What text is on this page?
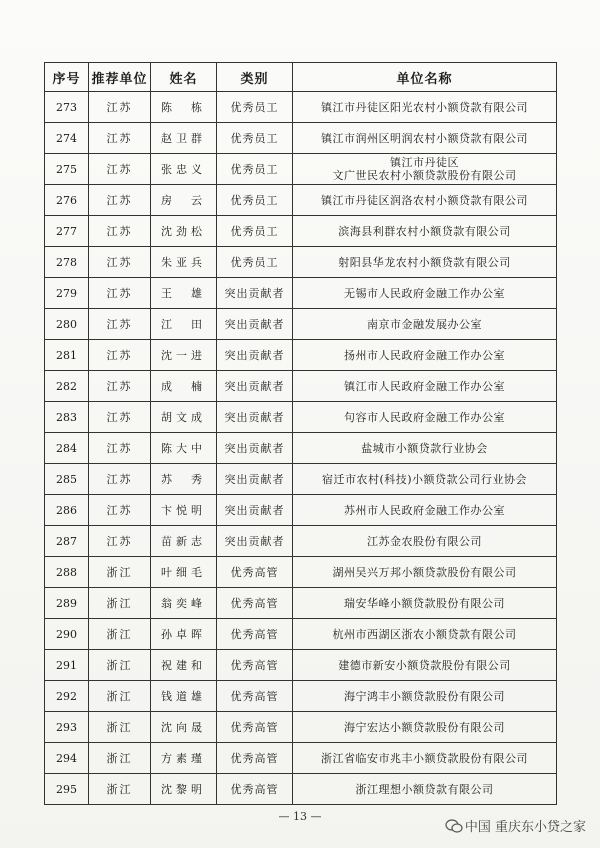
序号	推荐单位	姓名	类别	单位名称
273	江苏	陈　栋	优秀员工	镇江市丹徒区阳光农村小额贷款有限公司
274	江苏	赵卫群	优秀员工	镇江市润州区明润农村小额贷款有限公司
275	江苏	张忠义	优秀员工	镇江市丹徒区
文广世民农村小额贷款股份有限公司
276	江苏	房　云	优秀员工	镇江市丹徒区润洛农村小额贷款有限公司
277	江苏	沈劲松	优秀员工	滨海县利群农村小额贷款有限公司
278	江苏	朱亚兵	优秀员工	射阳县华龙农村小额贷款有限公司
279	江苏	王　雄	突出贡献者	无锡市人民政府金融工作办公室
280	江苏	江　田	突出贡献者	南京市金融发展办公室
281	江苏	沈一进	突出贡献者	扬州市人民政府金融工作办公室
282	江苏	成　楠	突出贡献者	镇江市人民政府金融工作办公室
283	江苏	胡文成	突出贡献者	句容市人民政府金融工作办公室
284	江苏	陈大中	突出贡献者	盐城市小额贷款行业协会
285	江苏	苏　秀	突出贡献者	宿迁市农村(科技)小额贷款公司行业协会
286	江苏	卞悦明	突出贡献者	苏州市人民政府金融工作办公室
287	江苏	苗新志	突出贡献者	江苏金农股份有限公司
288	浙江	叶细毛	优秀高管	湖州吴兴万邦小额贷款股份有限公司
289	浙江	翁奕峰	优秀高管	瑞安华峰小额贷款股份有限公司
290	浙江	孙卓晖	优秀高管	杭州市西湖区浙农小额贷款有限公司
291	浙江	祝建和	优秀高管	建德市新安小额贷款股份有限公司
292	浙江	钱道雄	优秀高管	海宁鸿丰小额贷款股份有限公司
293	浙江	沈向晟	优秀高管	海宁宏达小额贷款股份有限公司
294	浙江	方素瑾	优秀高管	浙江省临安市兆丰小额贷款股份有限公司
295	浙江	沈黎明	优秀高管	浙江理想小额贷款有限公司
— 13 —
中国 重庆东小贷之家
